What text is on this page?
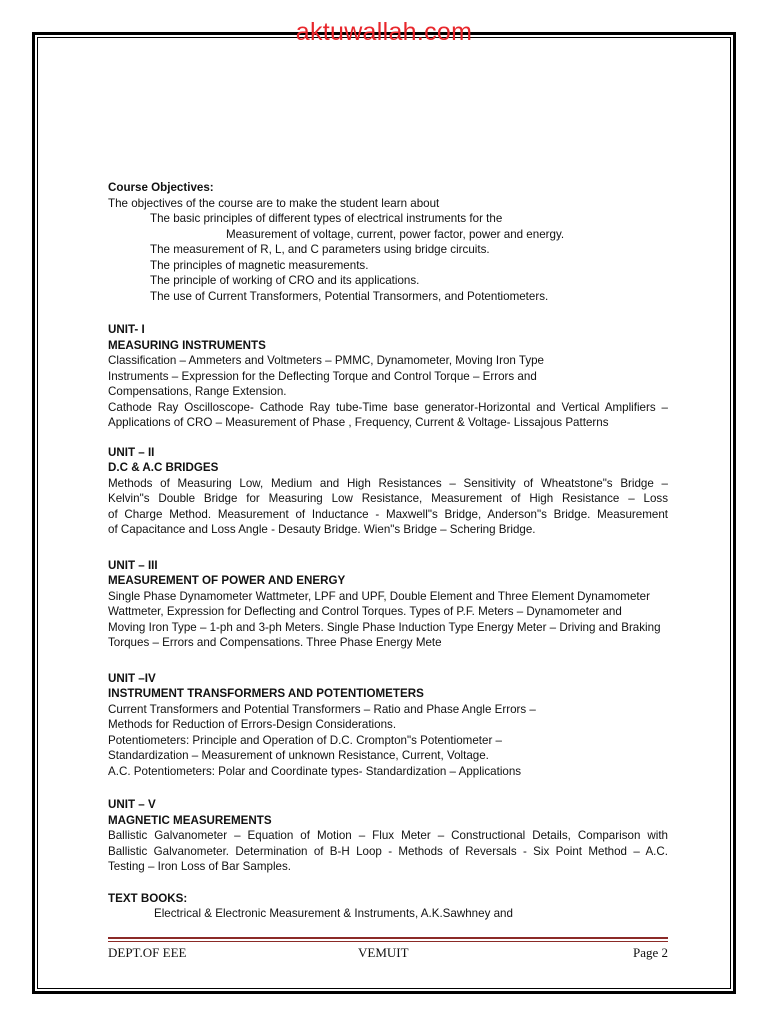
aktuwallah.com

Course Objectives:

The objectives of the course are to make the student learn about

The basic principles of different types of electrical instruments for the

Measurement of voltage, current, power factor, power and energy.

The measurement of R, L, and C parameters using bridge circuits.

The principles of magnetic measurements.

The principle of working of CRO and its applications.

The use of Current Transformers, Potential Transormers, and Potentiometers.

UNIT- I

MEASURING INSTRUMENTS

Classification – Ammeters and Voltmeters – PMMC, Dynamometer, Moving Iron Type

Instruments – Expression for the Deflecting Torque and Control Torque – Errors and

Compensations, Range Extension.

Cathode Ray Oscilloscope- Cathode Ray tube-Time base generator-Horizontal and Vertical Amplifiers –

Applications of CRO – Measurement of Phase , Frequency, Current & Voltage- Lissajous Patterns

UNIT – II

D.C & A.C BRIDGES

Methods of Measuring Low, Medium and High Resistances – Sensitivity of Wheatstone"s Bridge –

Kelvin"s Double Bridge for Measuring Low Resistance, Measurement of High Resistance – Loss

of Charge Method. Measurement of Inductance - Maxwell"s Bridge, Anderson"s Bridge. Measurement

of Capacitance and Loss Angle - Desauty Bridge. Wien"s Bridge – Schering Bridge.

UNIT – III

MEASUREMENT OF POWER AND ENERGY

Single Phase Dynamometer Wattmeter, LPF and UPF, Double Element and Three Element Dynamometer

Wattmeter, Expression for Deflecting and Control Torques. Types of P.F. Meters – Dynamometer and

Moving Iron Type – 1-ph and 3-ph Meters. Single Phase Induction Type Energy Meter – Driving and Braking

Torques – Errors and Compensations. Three Phase Energy Mete

UNIT –IV

INSTRUMENT TRANSFORMERS AND POTENTIOMETERS

Current Transformers and Potential Transformers – Ratio and Phase Angle Errors –

Methods for Reduction of Errors-Design Considerations.

Potentiometers: Principle and Operation of D.C. Crompton"s Potentiometer –

Standardization – Measurement of unknown Resistance, Current, Voltage.

A.C. Potentiometers: Polar and Coordinate types- Standardization – Applications

UNIT – V

MAGNETIC MEASUREMENTS

Ballistic Galvanometer – Equation of Motion – Flux Meter – Constructional Details, Comparison with

Ballistic Galvanometer. Determination of B-H Loop - Methods of Reversals - Six Point Method – A.C.

Testing – Iron Loss of Bar Samples.

TEXT BOOKS:

Electrical & Electronic Measurement & Instruments, A.K.Sawhney and

DEPT.OF EEE	VEMUIT	Page 2
